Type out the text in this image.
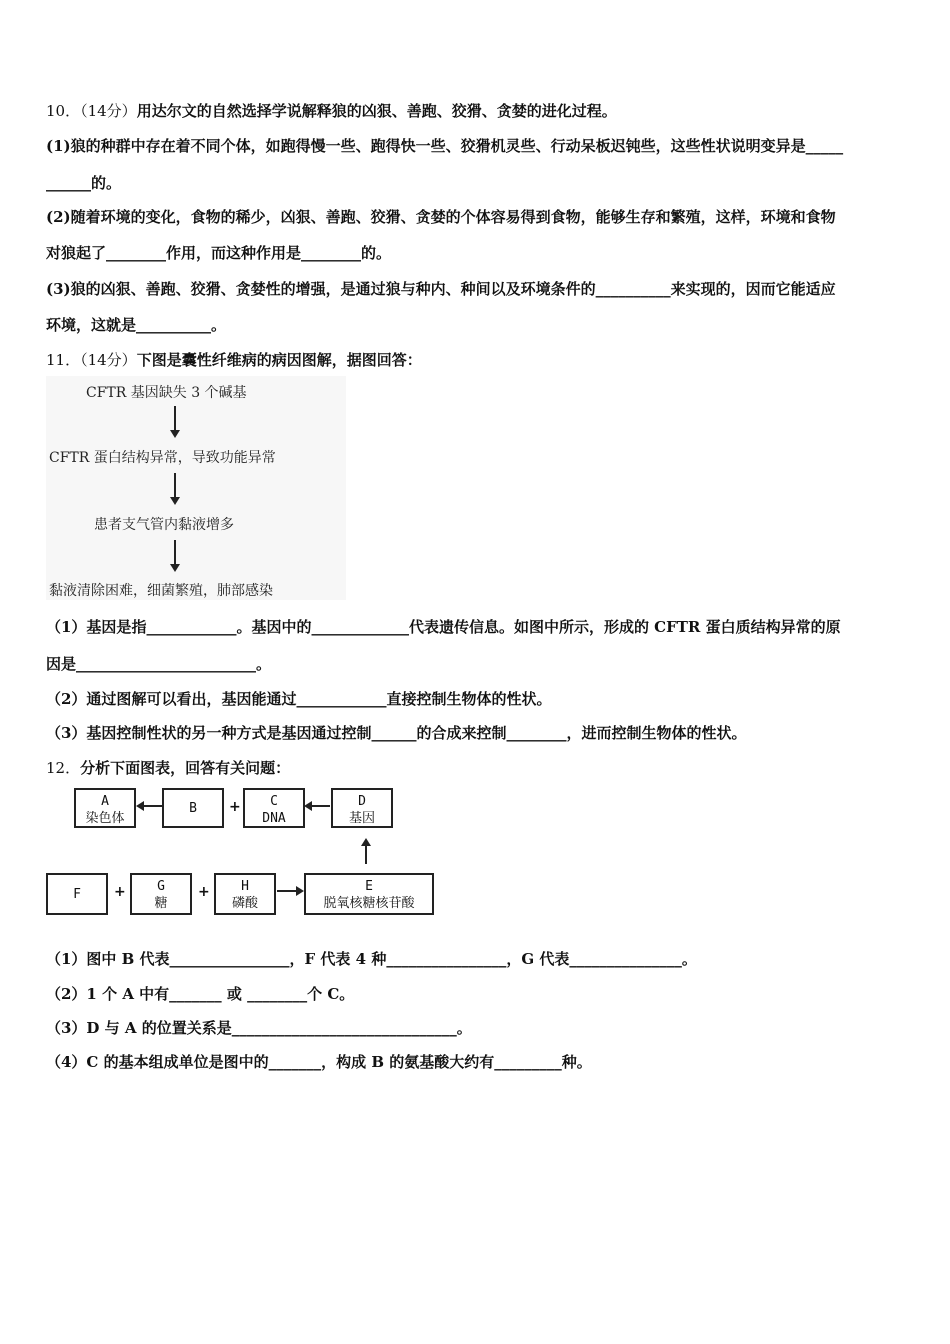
10．（14分）用达尔文的自然选择学说解释狼的凶狠、善跑、狡猾、贪婪的进化过程。
(1)狼的种群中存在着不同个体，如跑得慢一些、跑得快一些、狡猾机灵些、行动呆板迟钝些，这些性状说明变异是_____
______的。
(2)随着环境的变化，食物的稀少，凶狠、善跑、狡猾、贪婪的个体容易得到食物，能够生存和繁殖，这样，环境和食物
对狼起了________作用，而这种作用是________的。
(3)狼的凶狠、善跑、狡猾、贪婪性的增强，是通过狼与种内、种间以及环境条件的__________来实现的，因而它能适应
环境，这就是__________。
11．（14分）下图是囊性纤维病的病因图解，据图回答：
CFTR 基因缺失 3 个碱基
CFTR 蛋白结构异常，导致功能异常
患者支气管内黏液增多
黏液清除困难，细菌繁殖，肺部感染
（1）基因是指____________。基因中的_____________代表遗传信息。如图中所示，形成的 CFTR 蛋白质结构异常的原
因是________________________。
（2）通过图解可以看出，基因能通过____________直接控制生物体的性状。
（3）基因控制性状的另一种方式是基因通过控制______的合成来控制________，进而控制生物体的性状。
12．分析下面图表，回答有关问题：
A
染色体
B	+	C
DNA
D
基因
F	+	G
糖
+	H
磷酸
E
脱氧核糖核苷酸
（1）图中 B 代表________________，F 代表 4 种________________，G 代表_______________。
（2）1 个 A 中有_______ 或 ________个 C。
（3）D 与 A 的位置关系是______________________________。
（4）C 的基本组成单位是图中的_______，构成 B 的氨基酸大约有_________种。
